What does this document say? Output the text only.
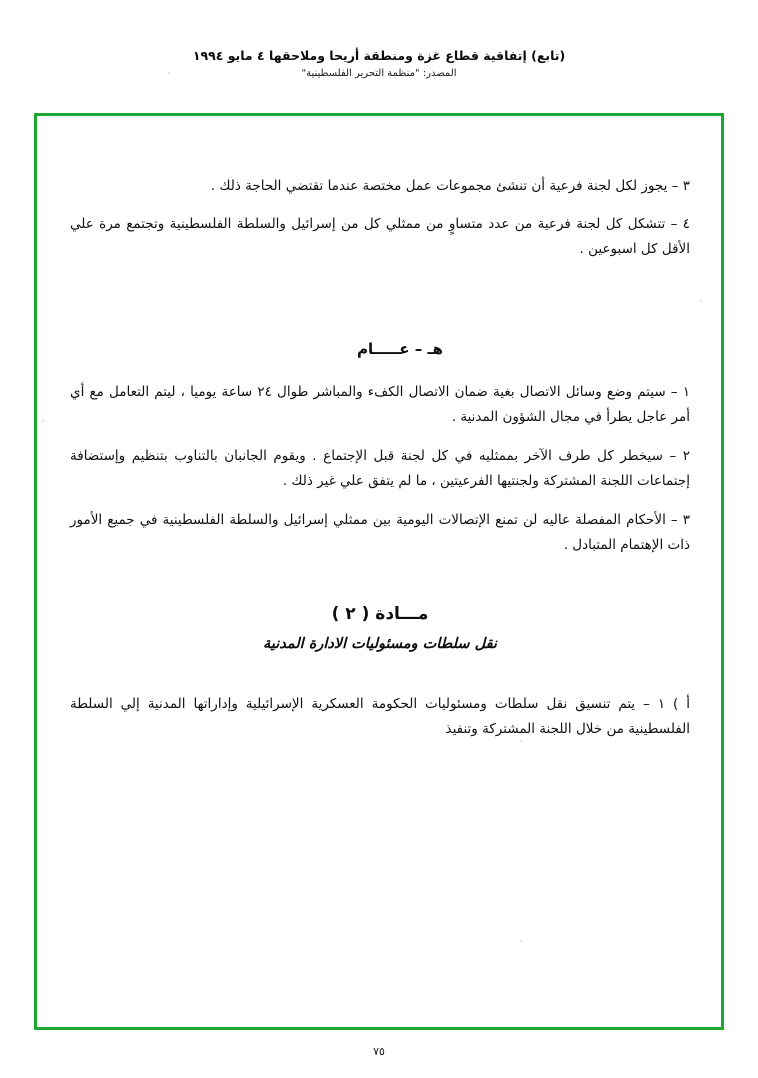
(تابع) إتفاقية قطاع غزة ومنطقة أريحا وملاحقها ٤ مايو ١٩٩٤
المصدر: "منظمة التحرير الفلسطينية"

٣ – يجوز لكل لجنة فرعية أن تنشئ مجموعات عمل مختصة عندما تقتضي الحاجة ذلك .

٤ – تتشكل كل لجنة فرعية من عدد متساوٍ من ممثلي كل من إسرائيل والسلطة الفلسطينية وتجتمع مرة علي الأقل كل اسبوعين .

هـ – عـــــام

١ – سيتم وضع وسائل الاتصال بغية ضمان الاتصال الكفء والمباشر طوال ٢٤ ساعة يوميا ، ليتم التعامل مع أي أمر عاجل يطرأ في مجال الشؤون المدنية .

٢ – سيخطر كل طرف الآخر بممثليه في كل لجنة قبل الإجتماع . ويقوم الجانبان بالتناوب بتنظيم وإستضافة إجتماعات اللجنة المشتركة ولجنتيها الفرعيتين ، ما لم يتفق علي غير ذلك .

٣ – الأحكام المفصلة عاليه لن تمنع الإتصالات اليومية بين ممثلي إسرائيل والسلطة الفلسطينية في جميع الأمور ذات الإهتمام المتبادل .

مـــادة ( ٢ )
نقل سلطات ومسئوليات الادارة المدنية

أ ) ١ – يتم تنسيق نقل سلطات ومسئوليات الحكومة العسكرية الإسرائيلية وإداراتها المدنية إلي السلطة الفلسطينية من خلال اللجنة المشتركة وتنفيذ

٧٥
